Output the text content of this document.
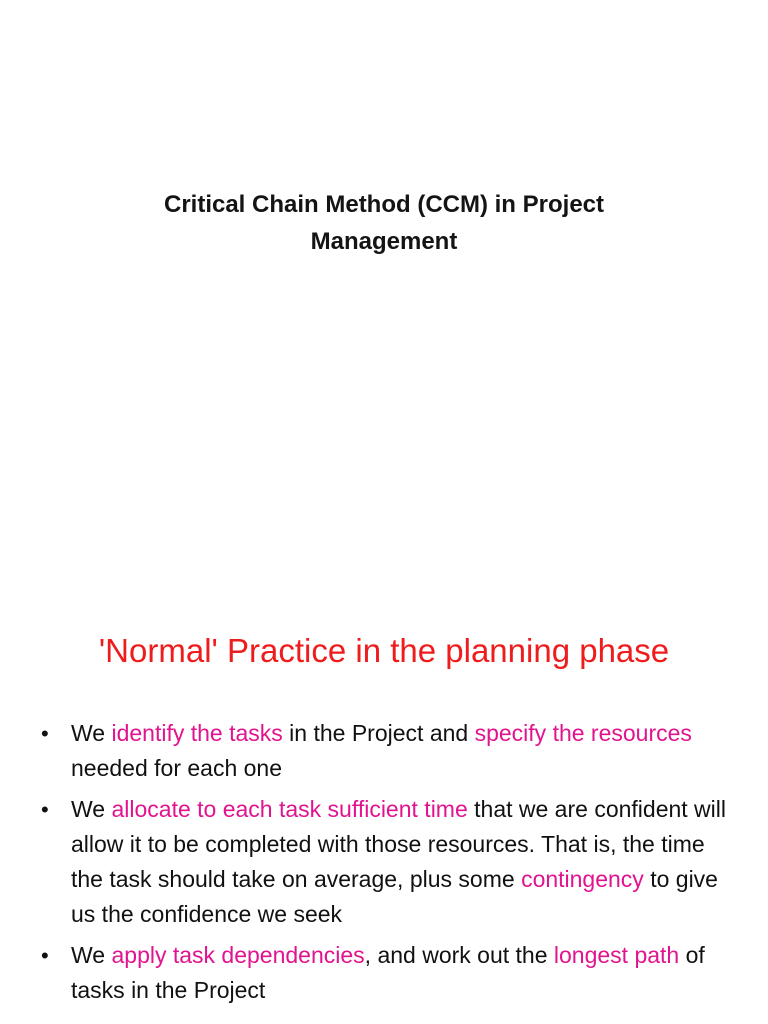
Critical Chain Method (CCM) in Project
Management
'Normal' Practice in the planning phase
• We identify the tasks in the Project and specify the resources needed for each one
• We allocate to each task sufficient time that we are confident will allow it to be completed with those resources. That is, the time the task should take on average, plus some contingency to give us the confidence we seek
• We apply task dependencies, and work out the longest path of tasks in the Project
